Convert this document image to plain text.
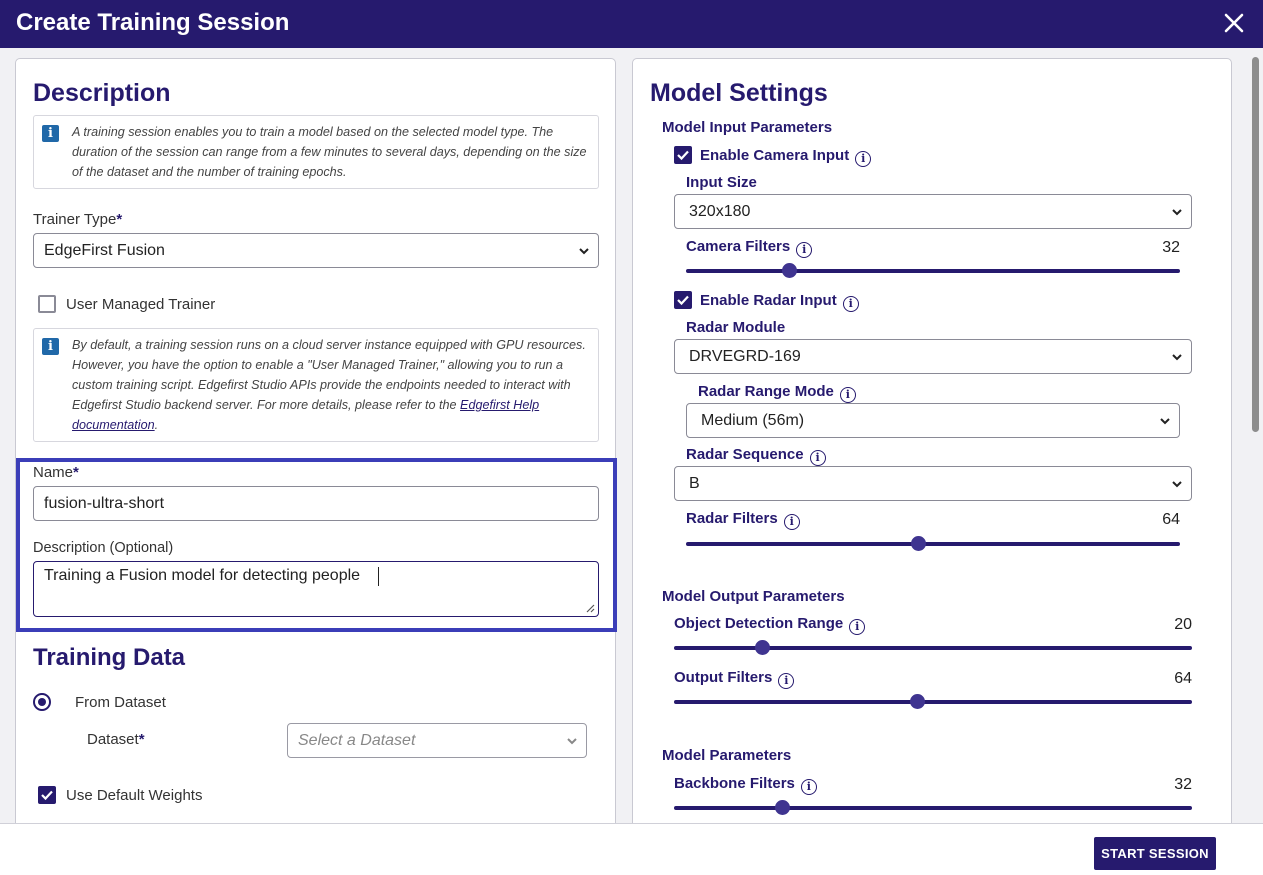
Create Training Session
Description
i	A training session enables you to train a model based on the selected model type. The duration of the session can range from a few minutes to several days, depending on the size of the dataset and the number of training epochs.
Trainer Type*
EdgeFirst Fusion
User Managed Trainer
i	By default, a training session runs on a cloud server instance equipped with GPU resources. However, you have the option to enable a "User Managed Trainer," allowing you to run a custom training script. Edgefirst Studio APIs provide the endpoints needed to interact with Edgefirst Studio backend server. For more details, please refer to the Edgefirst Help documentation.
Name*
fusion-ultra-short
Description (Optional)
Training a Fusion model for detecting people
Training Data
From Dataset
Dataset*	Select a Dataset
Use Default Weights
Model Settings
Model Input Parameters
Enable Camera Input i
Input Size
320x180
Camera Filters i	32
Enable Radar Input i
Radar Module
DRVEGRD-169
Radar Range Mode i
Medium (56m)
Radar Sequence i
B
Radar Filters i	64
Model Output Parameters
Object Detection Range i	20
Output Filters i	64
Model Parameters
Backbone Filters i	32
START SESSION
